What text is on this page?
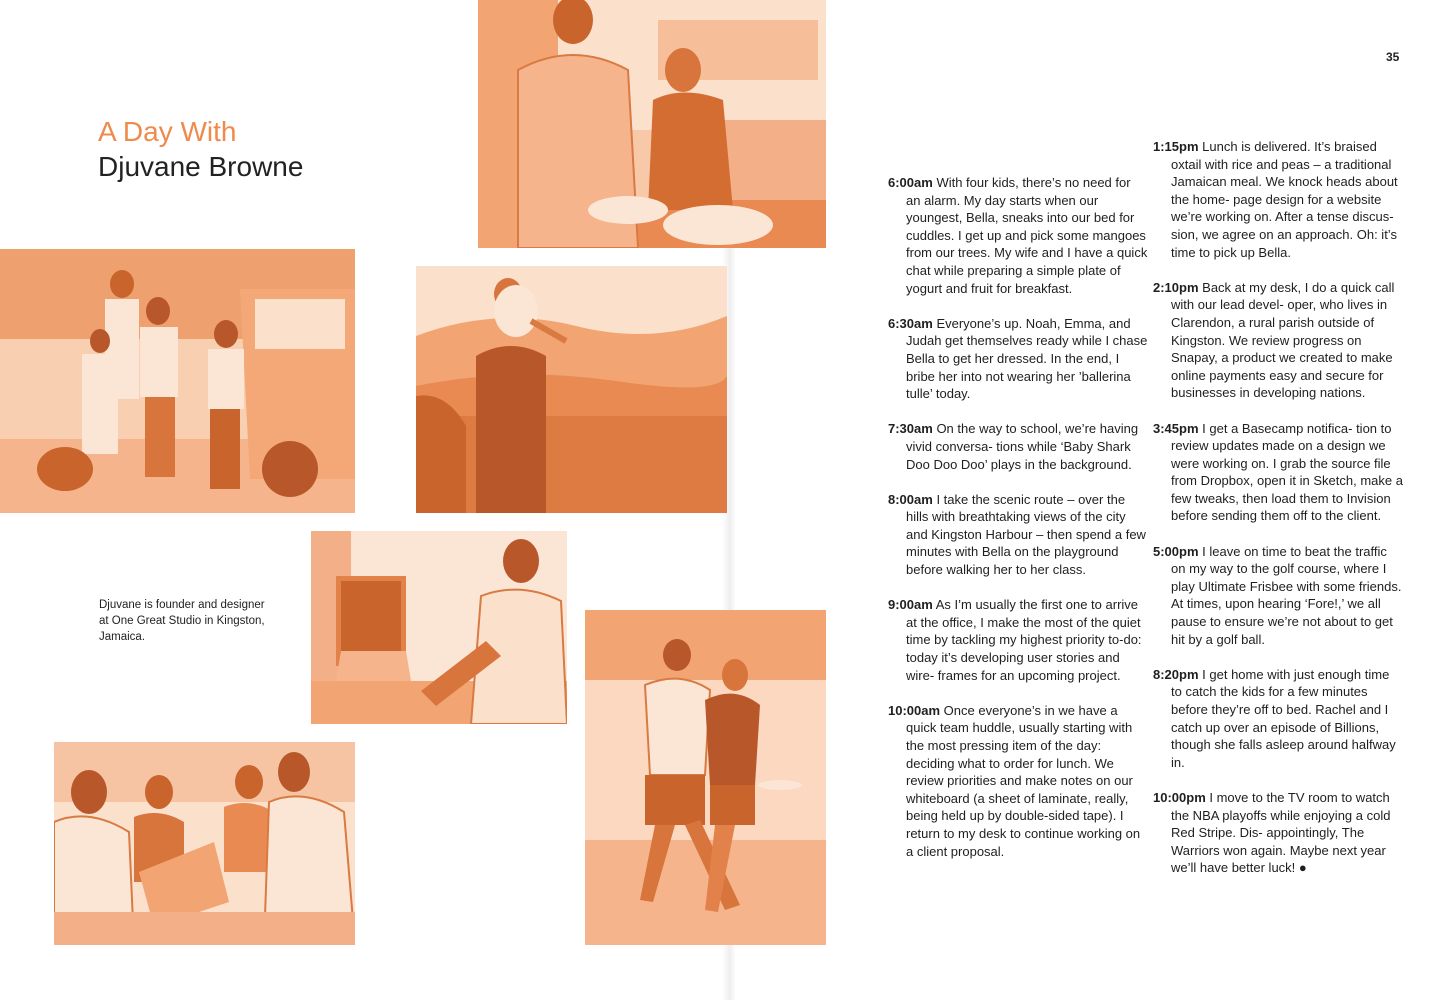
35
A Day With
Djuvane Browne
Djuvane is founder and designer at One Great Studio in Kingston, Jamaica.

6:00am With four kids, there’s no need for an alarm. My day starts when our youngest, Bella, sneaks into our bed for cuddles. I get up and pick some mangoes from our trees. My wife and I have a quick chat while preparing a simple plate of yogurt and fruit for breakfast.

6:30am Everyone’s up. Noah, Emma, and Judah get themselves ready while I chase Bella to get her dressed. In the end, I bribe her into not wearing her ’ballerina tulle’ today.

7:30am On the way to school, we’re having vivid conversa- tions while ‘Baby Shark Doo Doo Doo’ plays in the background.

8:00am I take the scenic route – over the hills with breathtaking views of the city and Kingston Harbour – then spend a few minutes with Bella on the playground before walking her to her class.

9:00am As I’m usually the first one to arrive at the office, I make the most of the quiet time by tackling my highest priority to-do: today it’s developing user stories and wire- frames for an upcoming project.

10:00am Once everyone’s in we have a quick team huddle, usually starting with the most pressing item of the day: deciding what to order for lunch. We review priorities and make notes on our whiteboard (a sheet of laminate, really, being held up by double-sided tape). I return to my desk to continue working on a client proposal.

1:15pm Lunch is delivered. It’s braised oxtail with rice and peas – a traditional Jamaican meal. We knock heads about the home- page design for a website we’re working on. After a tense discus- sion, we agree on an approach. Oh: it’s time to pick up Bella.

2:10pm Back at my desk, I do a quick call with our lead devel- oper, who lives in Clarendon, a rural parish outside of Kingston. We review progress on Snapay, a product we created to make online payments easy and secure for businesses in developing nations.

3:45pm I get a Basecamp notifica- tion to review updates made on a design we were working on. I grab the source file from Dropbox, open it in Sketch, make a few tweaks, then load them to Invision before sending them off to the client.

5:00pm I leave on time to beat the traffic on my way to the golf course, where I play Ultimate Frisbee with some friends. At times, upon hearing ‘Fore!,’ we all pause to ensure we’re not about to get hit by a golf ball.

8:20pm I get home with just enough time to catch the kids for a few minutes before they’re off to bed. Rachel and I catch up over an episode of Billions, though she falls asleep around halfway in.

10:00pm I move to the TV room to watch the NBA playoffs while enjoying a cold Red Stripe. Dis- appointingly, The Warriors won again. Maybe next year we’ll have better luck! ●
